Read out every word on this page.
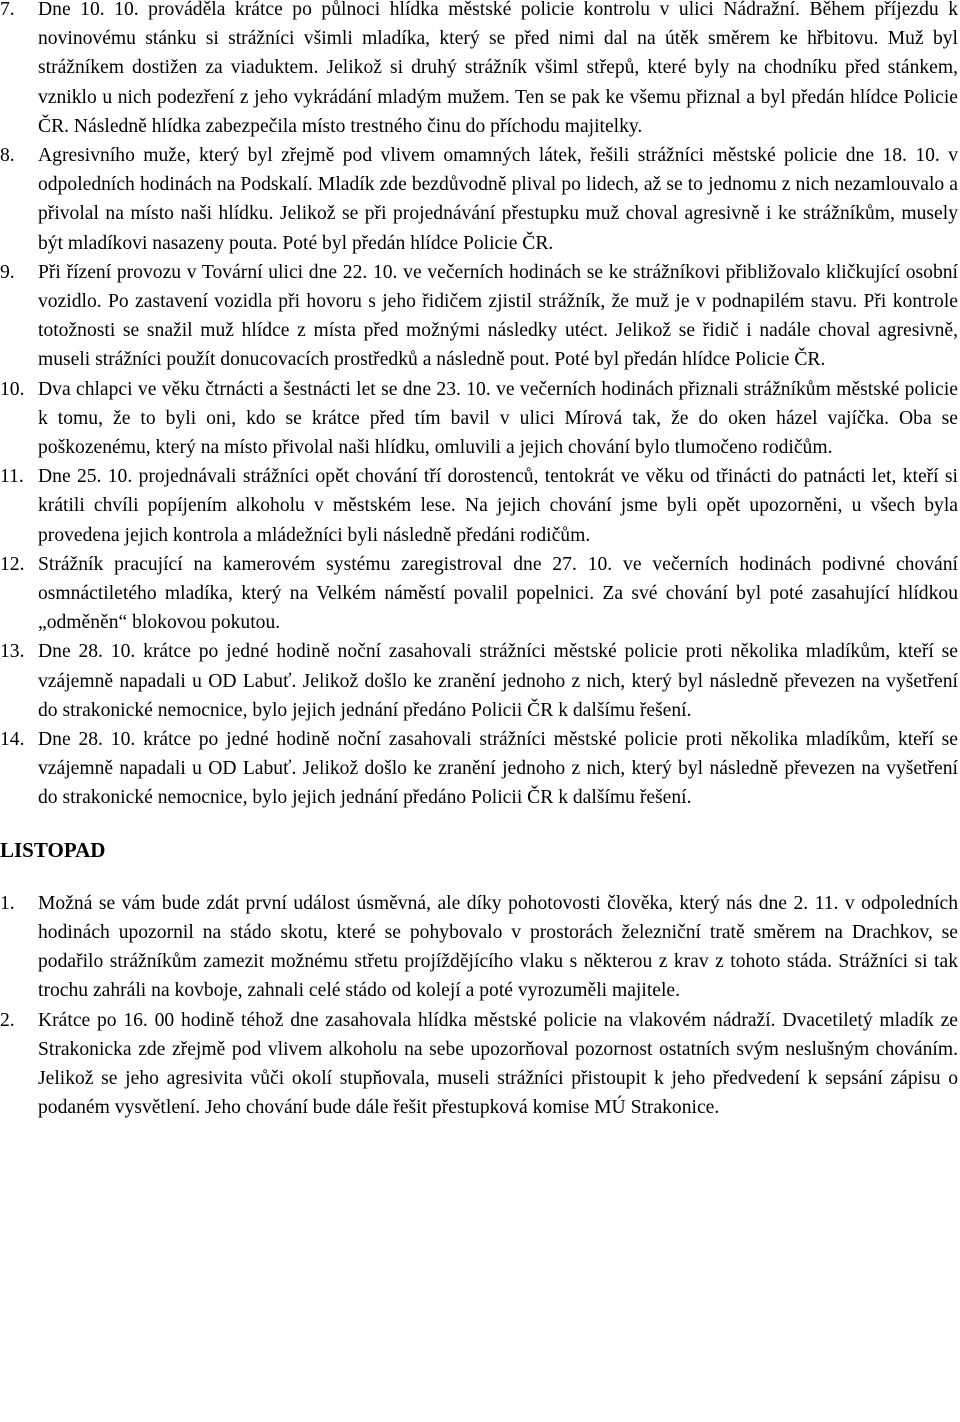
7. Dne 10. 10. prováděla krátce po půlnoci hlídka městské policie kontrolu v ulici Nádražní. Během příjezdu k novinovému stánku si strážníci všimli mladíka, který se před nimi dal na útěk směrem ke hřbitovu. Muž byl strážníkem dostižen za viaduktem. Jelikož si druhý strážník všiml střepů, které byly na chodníku před stánkem, vzniklo u nich podezření z jeho vykrádání mladým mužem. Ten se pak ke všemu přiznal a byl předán hlídce Policie ČR. Následně hlídka zabezpečila místo trestného činu do příchodu majitelky.
8. Agresivního muže, který byl zřejmě pod vlivem omamných látek, řešili strážníci městské policie dne 18. 10. v odpoledních hodinách na Podskalí. Mladík zde bezdůvodně plival po lidech, až se to jednomu z nich nezamlouvalo a přivolal na místo naši hlídku. Jelikož se při projednávání přestupku muž choval agresivně i ke strážníkům, musely být mladíkovi nasazeny pouta. Poté byl předán hlídce Policie ČR.
9. Při řízení provozu v Tovární ulici dne 22. 10. ve večerních hodinách se ke strážníkovi přibližovalo kličkující osobní vozidlo. Po zastavení vozidla při hovoru s jeho řidičem zjistil strážník, že muž je v podnapilém stavu. Při kontrole totožnosti se snažil muž hlídce z místa před možnými následky utéct. Jelikož se řidič i nadále choval agresivně, museli strážníci použít donucovacích prostředků a následně pout. Poté byl předán hlídce Policie ČR.
10. Dva chlapci ve věku čtrnácti a šestnácti let se dne 23. 10. ve večerních hodinách přiznali strážníkům městské policie k tomu, že to byli oni, kdo se krátce před tím bavil v ulici Mírová tak, že do oken házel vajíčka. Oba se poškozenému, který na místo přivolal naši hlídku, omluvili a jejich chování bylo tlumočeno rodičům.
11. Dne 25. 10. projednávali strážníci opět chování tří dorostenců, tentokrát ve věku od třinácti do patnácti let, kteří si krátili chvíli popíjením alkoholu v městském lese. Na jejich chování jsme byli opět upozorněni, u všech byla provedena jejich kontrola a mládežníci byli následně předáni rodičům.
12. Strážník pracující na kamerovém systému zaregistroval dne 27. 10. ve večerních hodinách podivné chování osmnáctiletého mladíka, který na Velkém náměstí povalil popelnici. Za své chování byl poté zasahující hlídkou „odměněn“ blokovou pokutou.
13. Dne 28. 10. krátce po jedné hodině noční zasahovali strážníci městské policie proti několika mladíkům, kteří se vzájemně napadali u OD Labuť. Jelikož došlo ke zranění jednoho z nich, který byl následně převezen na vyšetření do strakonické nemocnice, bylo jejich jednání předáno Policii ČR k dalšímu řešení.
14. Dne 28. 10. krátce po jedné hodině noční zasahovali strážníci městské policie proti několika mladíkům, kteří se vzájemně napadali u OD Labuť. Jelikož došlo ke zranění jednoho z nich, který byl následně převezen na vyšetření do strakonické nemocnice, bylo jejich jednání předáno Policii ČR k dalšímu řešení.
LISTOPAD
1. Možná se vám bude zdát první událost úsměvná, ale díky pohotovosti člověka, který nás dne 2. 11. v odpoledních hodinách upozornil na stádo skotu, které se pohybovalo v prostorách železniční tratě směrem na Drachkov, se podařilo strážníkům zamezit možnému střetu projíždějícího vlaku s některou z krav z tohoto stáda. Strážníci si tak trochu zahráli na kovboje, zahnali celé stádo od kolejí a poté vyrozuměli majitele.
2. Krátce po 16. 00 hodině téhož dne zasahovala hlídka městské policie na vlakovém nádraží. Dvacetiletý mladík ze Strakonicka zde zřejmě pod vlivem alkoholu na sebe upozorňoval pozornost ostatních svým neslušným chováním. Jelikož se jeho agresivita vůči okolí stupňovala, museli strážníci přistoupit k jeho předvedení k sepsání zápisu o podaném vysvětlení. Jeho chování bude dále řešit přestupková komise MÚ Strakonice.
